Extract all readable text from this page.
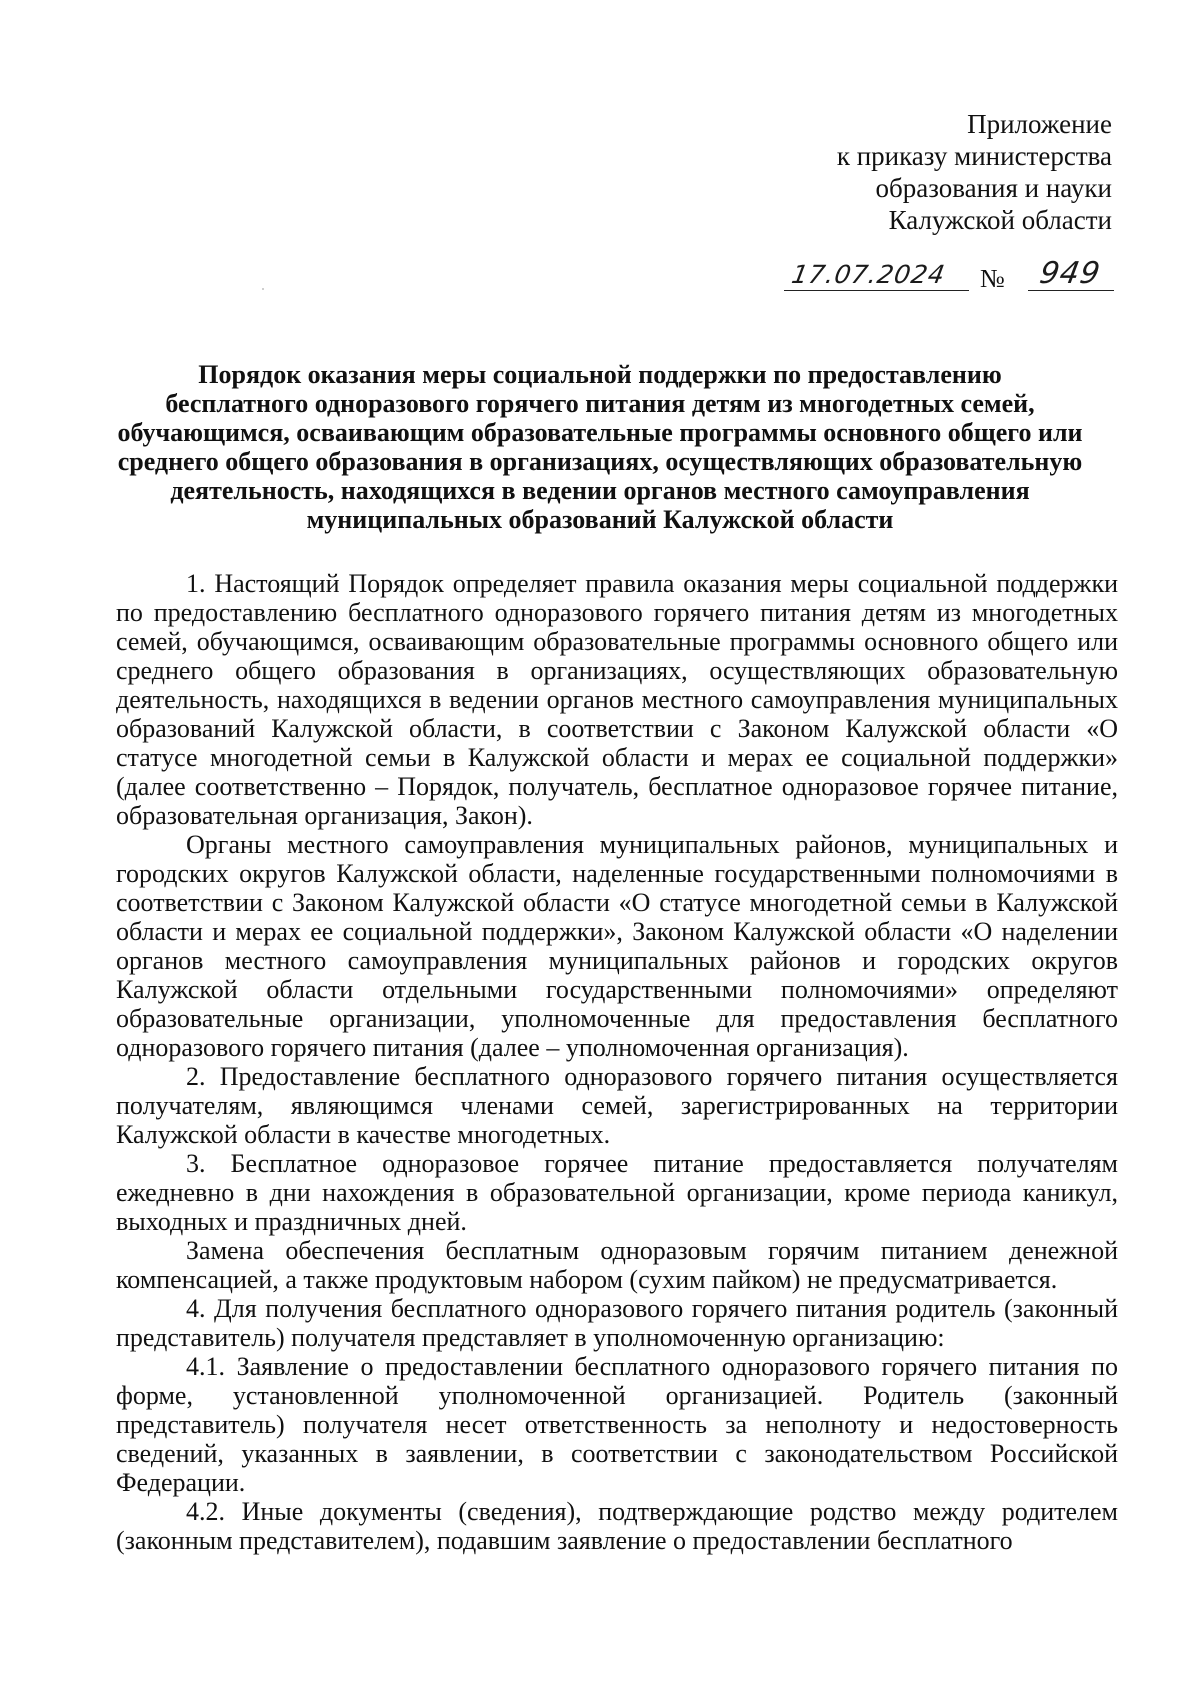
Приложение
к приказу министерства
образования и науки
Калужской области
17.07.2024 № 949
Порядок оказания меры социальной поддержки по предоставлению
бесплатного одноразового горячего питания детям из многодетных семей,
обучающимся, осваивающим образовательные программы основного общего или
среднего общего образования в организациях, осуществляющих образовательную
деятельность, находящихся в ведении органов местного самоуправления
муниципальных образований Калужской области

1. Настоящий Порядок определяет правила оказания меры социальной поддержки по предоставлению бесплатного одноразового горячего питания детям из многодетных семей, обучающимся, осваивающим образовательные программы основного общего или среднего общего образования в организациях, осуществляющих образовательную деятельность, находящихся в ведении органов местного самоуправления муниципальных образований Калужской области, в соответствии с Законом Калужской области «О статусе многодетной семьи в Калужской области и мерах ее социальной поддержки» (далее соответственно – Порядок, получатель, бесплатное одноразовое горячее питание, образовательная организация, Закон).

Органы местного самоуправления муниципальных районов, муниципальных и городских округов Калужской области, наделенные государственными полномочиями в соответствии с Законом Калужской области «О статусе многодетной семьи в Калужской области и мерах ее социальной поддержки», Законом Калужской области «О наделении органов местного самоуправления муниципальных районов и городских округов Калужской области отдельными государственными полномочиями» определяют образовательные организации, уполномоченные для предоставления бесплатного одноразового горячего питания (далее – уполномоченная организация).

2. Предоставление бесплатного одноразового горячего питания осуществляется получателям, являющимся членами семей, зарегистрированных на территории Калужской области в качестве многодетных.

3. Бесплатное одноразовое горячее питание предоставляется получателям ежедневно в дни нахождения в образовательной организации, кроме периода каникул, выходных и праздничных дней.

Замена обеспечения бесплатным одноразовым горячим питанием денежной компенсацией, а также продуктовым набором (сухим пайком) не предусматривается.

4. Для получения бесплатного одноразового горячего питания родитель (законный представитель) получателя представляет в уполномоченную организацию:

4.1. Заявление о предоставлении бесплатного одноразового горячего питания по форме, установленной уполномоченной организацией. Родитель (законный представитель) получателя несет ответственность за неполноту и недостоверность сведений, указанных в заявлении, в соответствии с законодательством Российской Федерации.

4.2. Иные документы (сведения), подтверждающие родство между родителем (законным представителем), подавшим заявление о предоставлении бесплатного
